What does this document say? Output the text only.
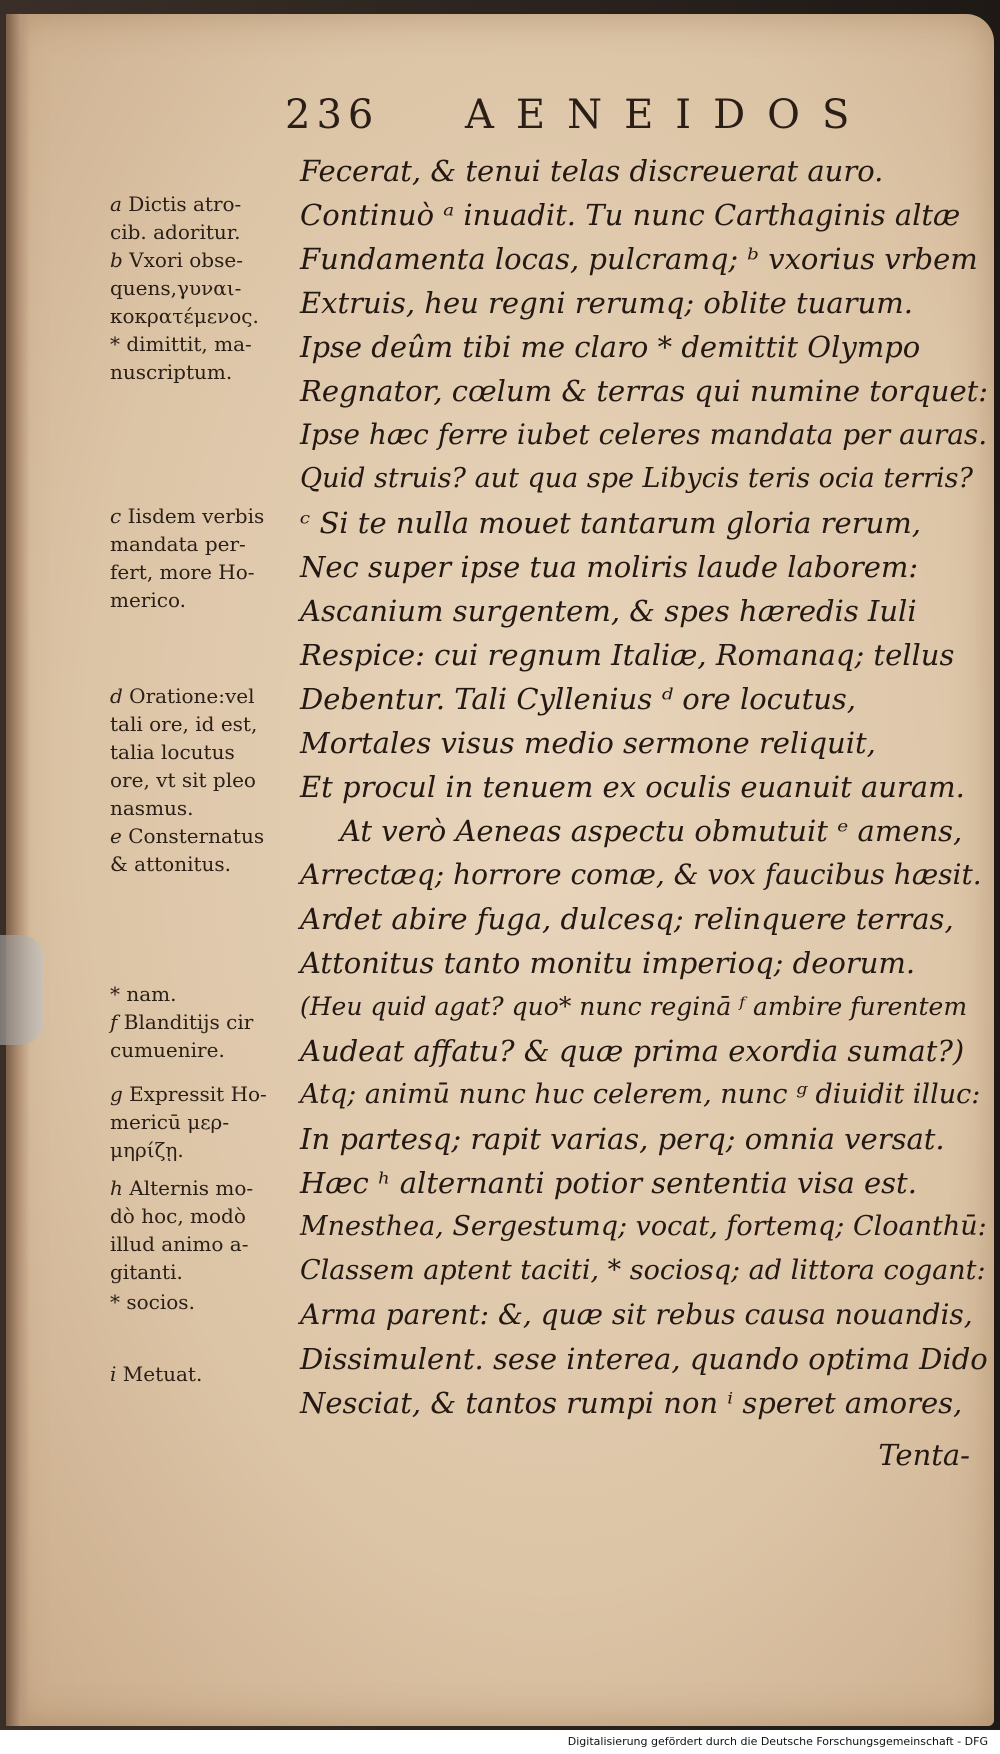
236 AENEIDOS
a Dictis atro-
cib. adoritur.
b Vxori obse-
quens,γυναι-
κοκρατέμενος.
* dimittit, ma-
nuscriptum.
c Iisdem verbis
mandata per-
fert, more Ho-
merico.
d Oratione:vel
tali ore, id est,
talia locutus
ore, vt sit pleo
nasmus.
e Consternatus
& attonitus.
* nam.
f Blanditijs cir
cumuenire.
g Expressit Ho-
mericū μερ-
μηρίζῃ.
h Alternis mo-
dò hoc, modò
illud animo a-
gitanti.
* socios.
i Metuat.
Fecerat, & tenui telas discreuerat auro.
Continuò ᵃ inuadit. Tu nunc Carthaginis altæ
Fundamenta locas, pulcramq; ᵇ vxorius vrbem
Extruis, heu regni rerumq; oblite tuarum.
Ipse deûm tibi me claro * demittit Olympo
Regnator, cœlum & terras qui numine torquet:
Ipse hæc ferre iubet celeres mandata per auras.
Quid struis? aut qua spe Libycis teris ocia terris?
ᶜ Si te nulla mouet tantarum gloria rerum,
Nec super ipse tua moliris laude laborem:
Ascanium surgentem, & spes hæredis Iuli
Respice: cui regnum Italiæ, Romanaq; tellus
Debentur. Tali Cyllenius ᵈ ore locutus,
Mortales visus medio sermone reliquit,
Et procul in tenuem ex oculis euanuit auram.
At verò Aeneas aspectu obmutuit ᵉ amens,
Arrectæq; horrore comæ, & vox faucibus hæsit.
Ardet abire fuga, dulcesq; relinquere terras,
Attonitus tanto monitu imperioq; deorum.
(Heu quid agat? quo* nunc reginā ᶠ ambire furentem
Audeat affatu? & quæ prima exordia sumat?)
Atq; animū nunc huc celerem, nunc ᵍ diuidit illuc:
In partesq; rapit varias, perq; omnia versat.
Hæc ʰ alternanti potior sententia visa est.
Mnesthea, Sergestumq; vocat, fortemq; Cloanthū:
Classem aptent taciti, * sociosq; ad littora cogant:
Arma parent: &, quæ sit rebus causa nouandis,
Dissimulent. sese interea, quando optima Dido
Nesciat, & tantos rumpi non ⁱ speret amores,
Tenta-
Digitalisierung gefördert durch die Deutsche Forschungsgemeinschaft - DFG
